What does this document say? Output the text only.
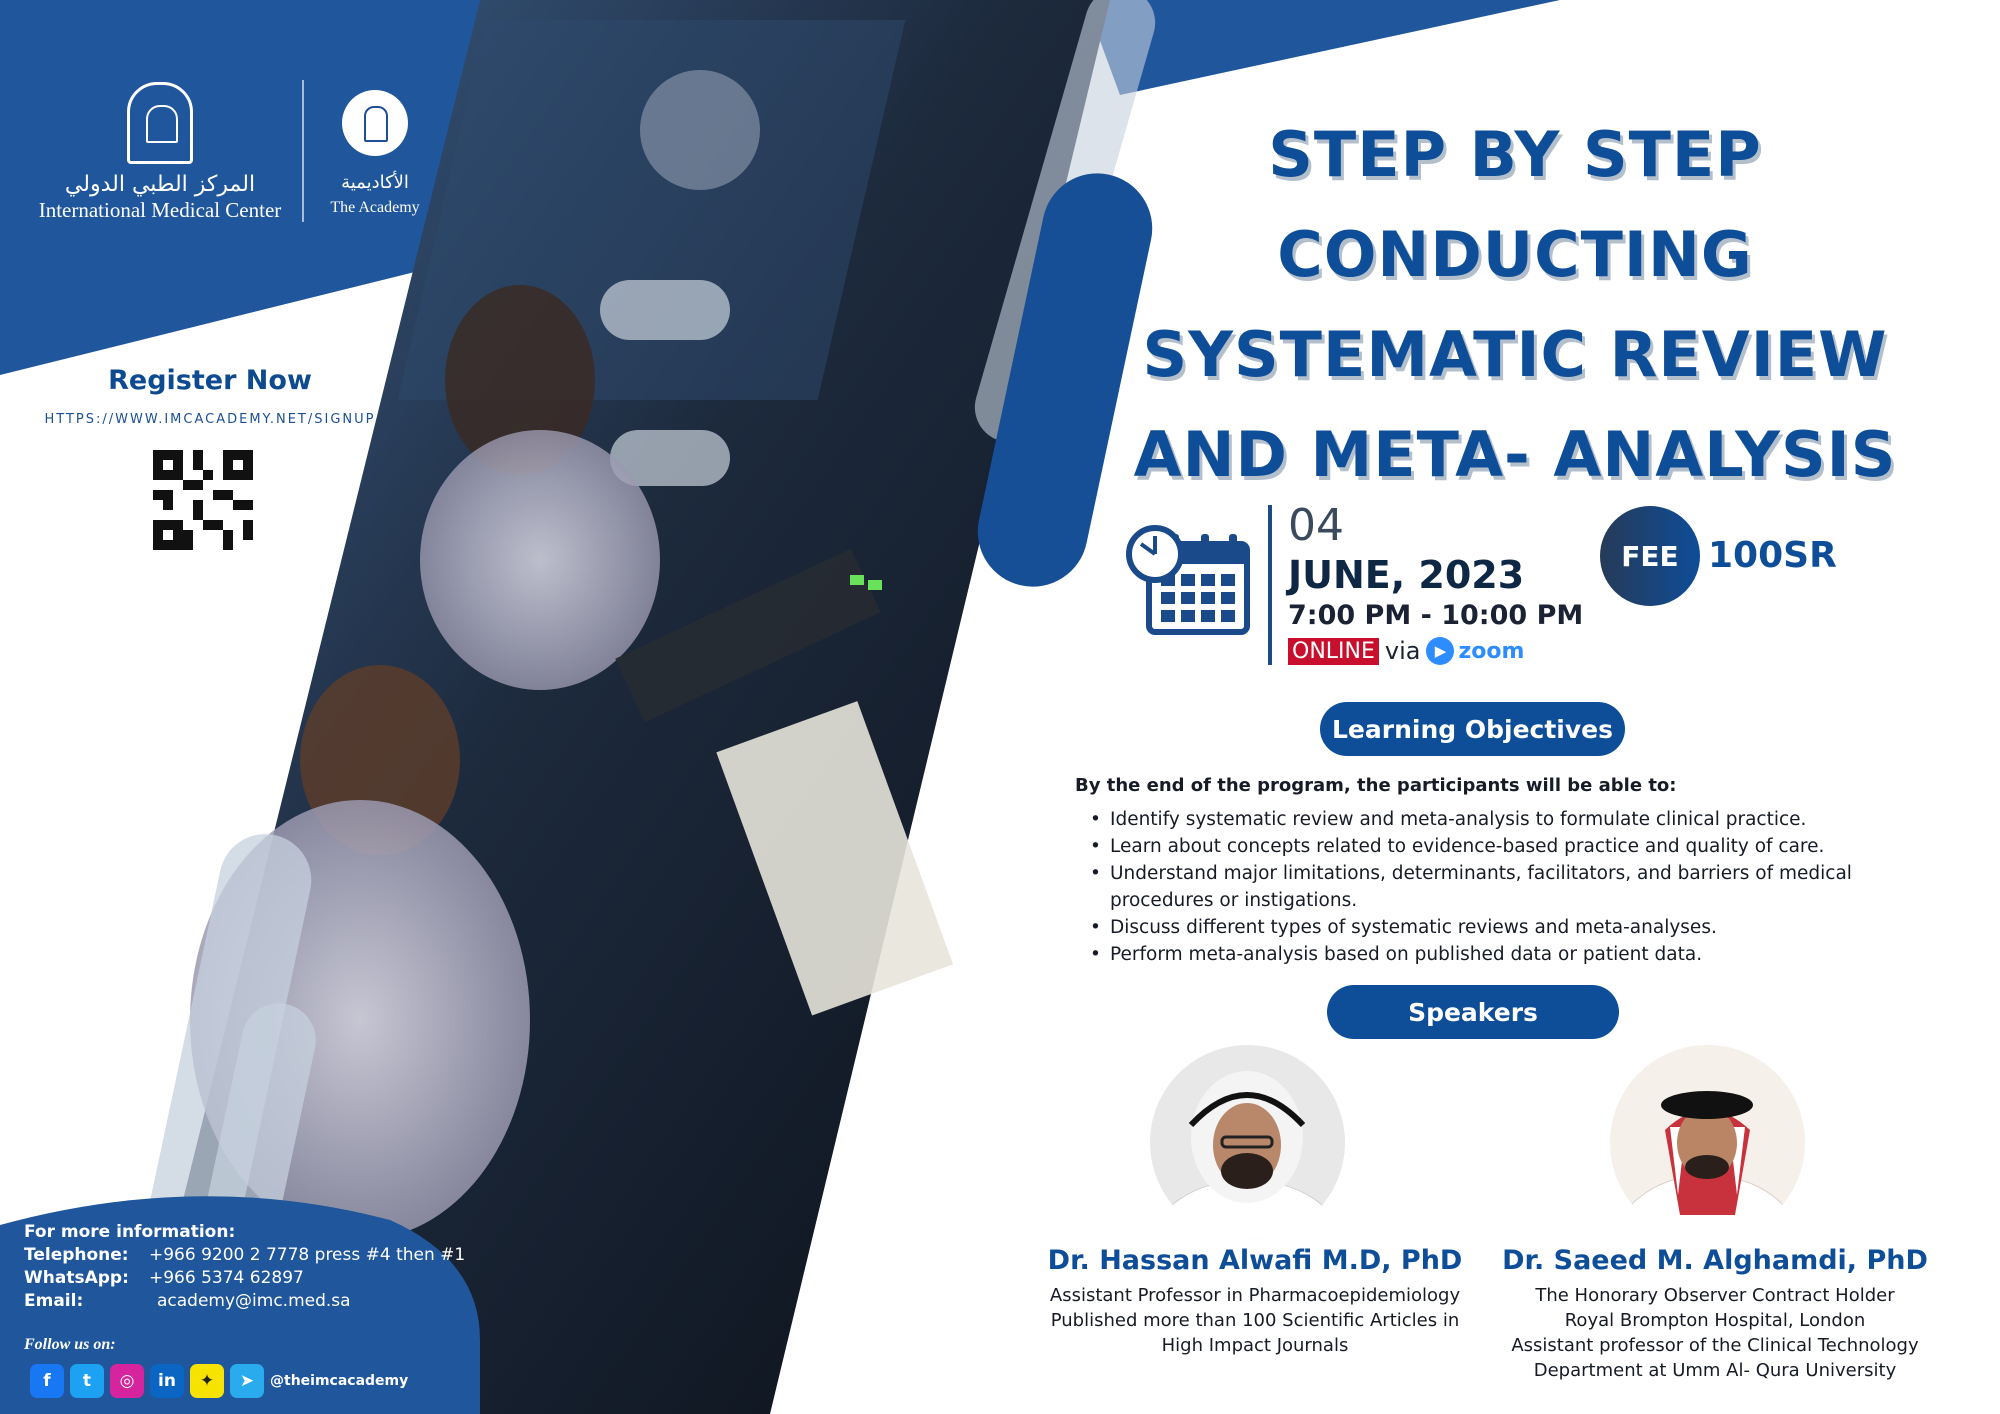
المركز الطبي الدولي
International Medical Center
الأكاديمية
The Academy
Register Now
HTTPS://WWW.IMCACADEMY.NET/SIGNUP
STEP BY STEP
CONDUCTING
SYSTEMATIC REVIEW
AND META- ANALYSIS
04
JUNE, 2023
7:00 PM - 10:00 PM
ONLINE via ▶ zoom
FEE 100SR
Learning Objectives
By the end of the program, the participants will be able to:
• Identify systematic review and meta-analysis to formulate clinical practice.
• Learn about concepts related to evidence-based practice and quality of care.
• Understand major limitations, determinants, facilitators, and barriers of medical procedures or instigations.
• Discuss different types of systematic reviews and meta-analyses.
• Perform meta-analysis based on published data or patient data.
Speakers
Dr. Hassan Alwafi M.D, PhD
Assistant Professor in Pharmacoepidemiology
Published more than 100 Scientific Articles in
High Impact Journals
Dr. Saeed M. Alghamdi, PhD
The Honorary Observer Contract Holder
Royal Brompton Hospital, London
Assistant professor of the Clinical Technology
Department at Umm Al- Qura University
For more information:
Telephone: +966 9200 2 7778 press #4 then #1
WhatsApp: +966 5374 62897
Email:	academy@imc.med.sa
Follow us on:
f	t	◎	in	✦	➤	@theimcacademy
